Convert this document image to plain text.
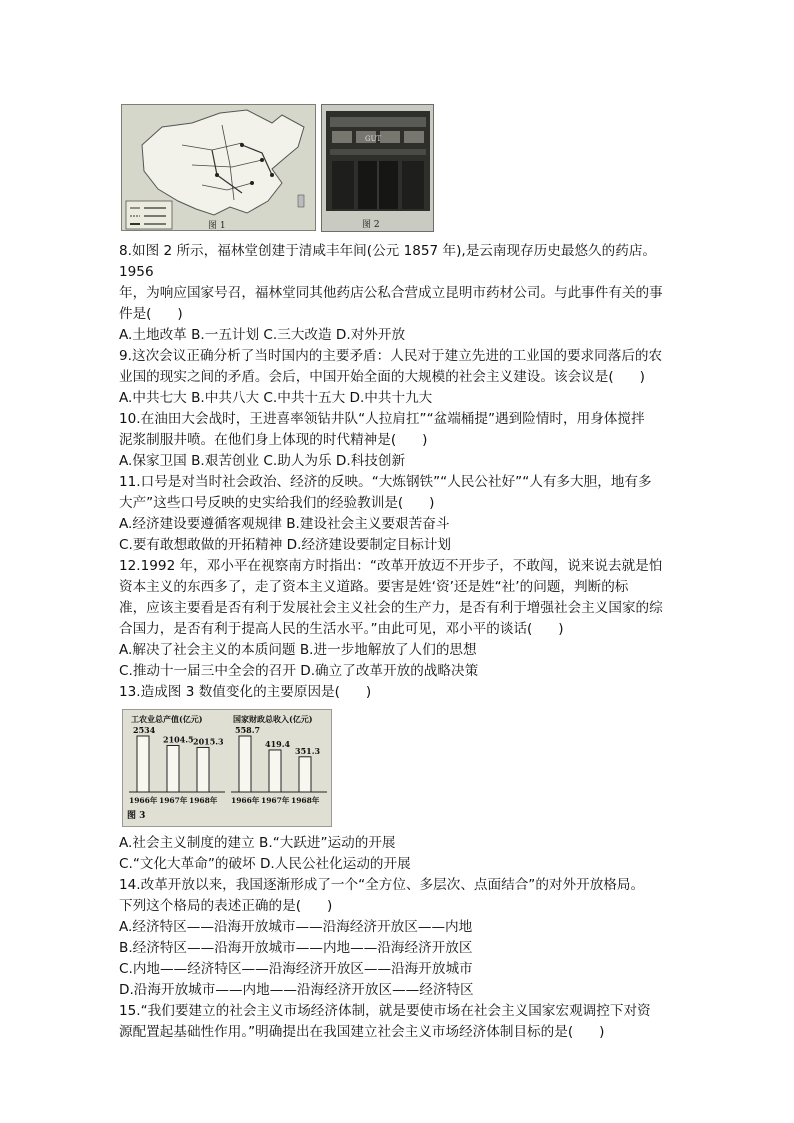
图 1
GUT
图 2

8.如图 2 所示，福林堂创建于清咸丰年间(公元 1857 年),是云南现存历史最悠久的药店。1956

年，为响应国家号召，福林堂同其他药店公私合营成立昆明市药材公司。与此事件有关的事

件是(      )

A.土地改革 B.一五计划 C.三大改造 D.对外开放

9.这次会议正确分析了当时国内的主要矛盾：人民对于建立先进的工业国的要求同落后的农

业国的现实之间的矛盾。会后，中国开始全面的大规模的社会主义建设。该会议是(      )

A.中共七大 B.中共八大 C.中共十五大 D.中共十九大

10.在油田大会战时，王进喜率领钻井队“人拉肩扛”“盆端桶提”遇到险情时，用身体搅拌

泥浆制服井喷。在他们身上体现的时代精神是(      )

A.保家卫国 B.艰苦创业 C.助人为乐 D.科技创新

11.口号是对当时社会政治、经济的反映。“大炼钢铁”“人民公社好”“人有多大胆，地有多

大产”这些口号反映的史实给我们的经验教训是(      )

A.经济建设要遵循客观规律 B.建设社会主义要艰苦奋斗

C.要有敢想敢做的开拓精神 D.经济建设要制定目标计划

12.1992 年，邓小平在视察南方时指出：“改革开放迈不开步子，不敢闯，说来说去就是怕

资本主义的东西多了，走了资本主义道路。要害是姓‘资’还是姓“社’的问题，判断的标

准，应该主要看是否有利于发展社会主义社会的生产力，是否有利于增强社会主义国家的综

合国力，是否有利于提高人民的生活水平。”由此可见，邓小平的谈话(      )

A.解决了社会主义的本质问题 B.进一步地解放了人们的思想

C.推动十一届三中全会的召开 D.确立了改革开放的战略决策

13.造成图 3 数值变化的主要原因是(      )

工农业总产值(亿元)
2534
1966年
2104.5
1967年
2015.3
1968年
国家财政总收入(亿元)
558.7
1966年
419.4
1967年
351.3
1968年
图 3

A.社会主义制度的建立 B.“大跃进”运动的开展

C.“文化大革命”的破坏 D.人民公社化运动的开展

14.改革开放以来，我国逐渐形成了一个“全方位、多层次、点面结合”的对外开放格局。

下列这个格局的表述正确的是(      )

A.经济特区——沿海开放城市——沿海经济开放区——内地

B.经济特区——沿海开放城市——内地——沿海经济开放区

C.内地——经济特区——沿海经济开放区——沿海开放城市

D.沿海开放城市——内地——沿海经济开放区——经济特区

15.“我们要建立的社会主义市场经济体制，就是要使市场在社会主义国家宏观调控下对资

源配置起基础性作用。”明确提出在我国建立社会主义市场经济体制目标的是(      )
